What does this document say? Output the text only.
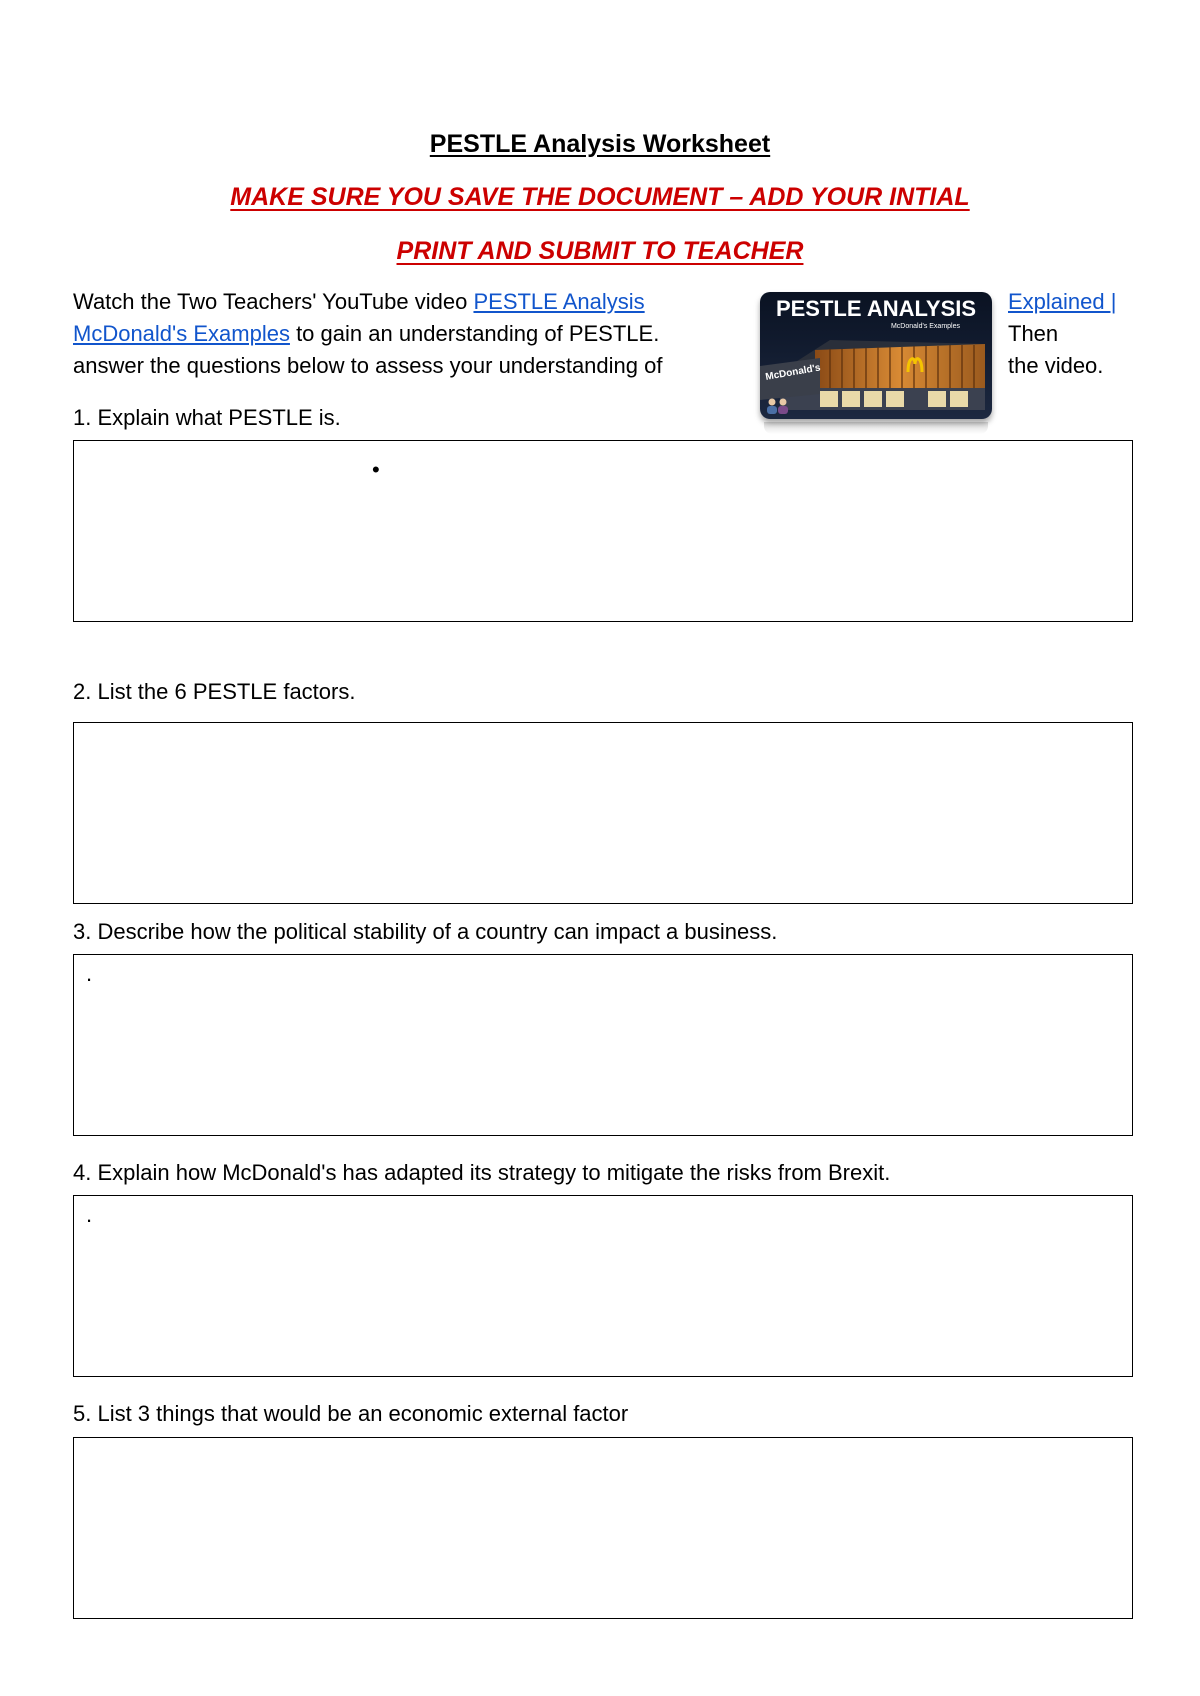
PESTLE Analysis Worksheet
MAKE SURE YOU SAVE THE DOCUMENT – ADD YOUR INTIAL
PRINT AND SUBMIT TO TEACHER
Watch the Two Teachers' YouTube video PESTLE Analysis
McDonald's Examples to gain an understanding of PESTLE.
answer the questions below to assess your understanding of
Explained |
Then
the video.
McDonald's
PESTLE ANALYSIS
McDonald's Examples
1. Explain what PESTLE is.
•
2. List the 6 PESTLE factors.
3. Describe how the political stability of a country can impact a business.
.
4. Explain how McDonald's has adapted its strategy to mitigate the risks from Brexit.
.
5. List 3 things that would be an economic external factor
